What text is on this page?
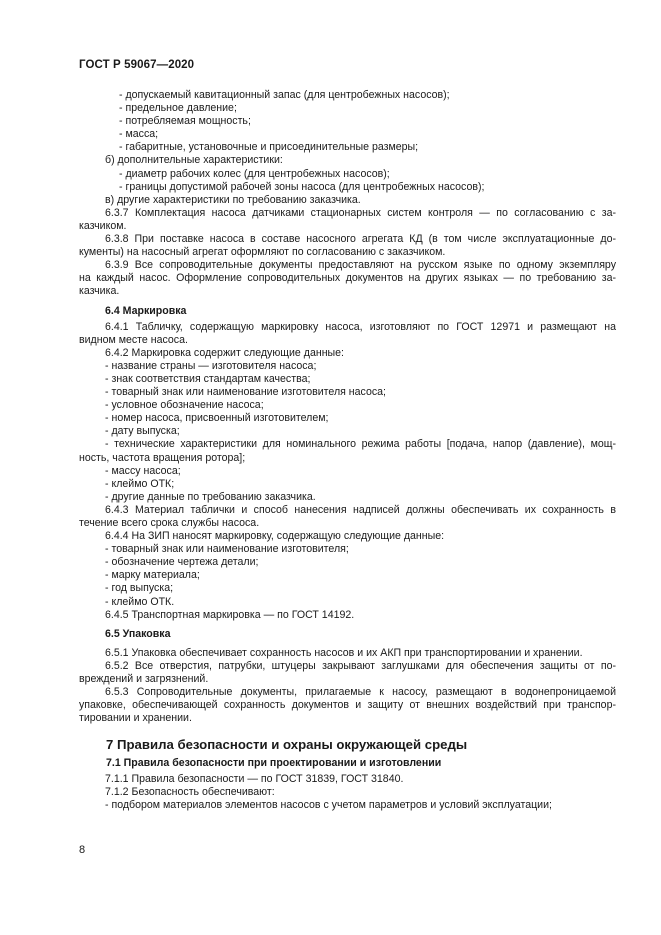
ГОСТ Р 59067—2020
- допускаемый кавитационный запас (для центробежных насосов);
- предельное давление;
- потребляемая мощность;
- масса;
- габаритные, установочные и присоединительные размеры;
б) дополнительные характеристики:
- диаметр рабочих колес (для центробежных насосов);
- границы допустимой рабочей зоны насоса (для центробежных насосов);
в) другие характеристики по требованию заказчика.
6.3.7 Комплектация насоса датчиками стационарных систем контроля — по согласованию с за-
казчиком.
6.3.8 При поставке насоса в составе насосного агрегата КД (в том числе эксплуатационные до-
кументы) на насосный агрегат оформляют по согласованию с заказчиком.
6.3.9 Все сопроводительные документы предоставляют на русском языке по одному экземпляру
на каждый насос. Оформление сопроводительных документов на других языках — по требованию за-
казчика.
6.4 Маркировка
6.4.1 Табличку, содержащую маркировку насоса, изготовляют по ГОСТ 12971 и размещают на
видном месте насоса.
6.4.2 Маркировка содержит следующие данные:
- название страны — изготовителя насоса;
- знак соответствия стандартам качества;
- товарный знак или наименование изготовителя насоса;
- условное обозначение насоса;
- номер насоса, присвоенный изготовителем;
- дату выпуска;
- технические характеристики для номинального режима работы [подача, напор (давление), мощ-
ность, частота вращения ротора];
- массу насоса;
- клеймо ОТК;
- другие данные по требованию заказчика.
6.4.3 Материал таблички и способ нанесения надписей должны обеспечивать их сохранность в
течение всего срока службы насоса.
6.4.4 На ЗИП наносят маркировку, содержащую следующие данные:
- товарный знак или наименование изготовителя;
- обозначение чертежа детали;
- марку материала;
- год выпуска;
- клеймо ОТК.
6.4.5 Транспортная маркировка — по ГОСТ 14192.
6.5 Упаковка
6.5.1 Упаковка обеспечивает сохранность насосов и их АКП при транспортировании и хранении.
6.5.2 Все отверстия, патрубки, штуцеры закрывают заглушками для обеспечения защиты от по-
вреждений и загрязнений.
6.5.3 Сопроводительные документы, прилагаемые к насосу, размещают в водонепроницаемой
упаковке, обеспечивающей сохранность документов и защиту от внешних воздействий при транспор-
тировании и хранении.
7 Правила безопасности и охраны окружающей среды
7.1 Правила безопасности при проектировании и изготовлении
7.1.1 Правила безопасности — по ГОСТ 31839, ГОСТ 31840.
7.1.2 Безопасность обеспечивают:
- подбором материалов элементов насосов с учетом параметров и условий эксплуатации;
8
